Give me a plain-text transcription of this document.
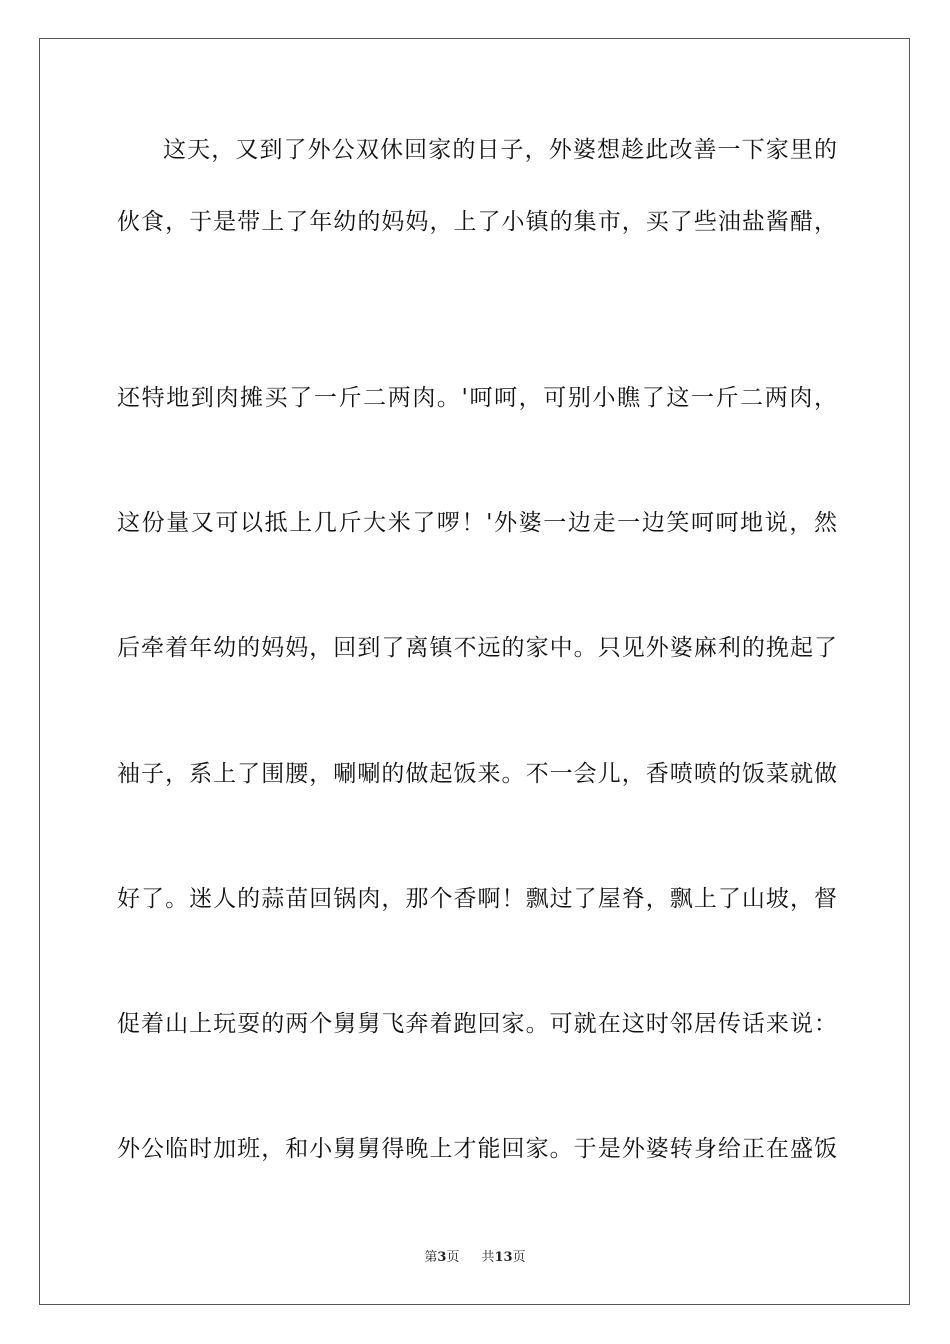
这天，又到了外公双休回家的日子，外婆想趁此改善一下家里的
伙食，于是带上了年幼的妈妈，上了小镇的集市，买了些油盐酱醋，
还特地到肉摊买了一斤二两肉。'呵呵，可别小瞧了这一斤二两肉，
这份量又可以抵上几斤大米了啰！'外婆一边走一边笑呵呵地说，然
后牵着年幼的妈妈，回到了离镇不远的家中。只见外婆麻利的挽起了
袖子，系上了围腰，唰唰的做起饭来。不一会儿，香喷喷的饭菜就做
好了。迷人的蒜苗回锅肉，那个香啊！飘过了屋脊，飘上了山坡，督
促着山上玩耍的两个舅舅飞奔着跑回家。可就在这时邻居传话来说：
外公临时加班，和小舅舅得晚上才能回家。于是外婆转身给正在盛饭
第3页 共13页
